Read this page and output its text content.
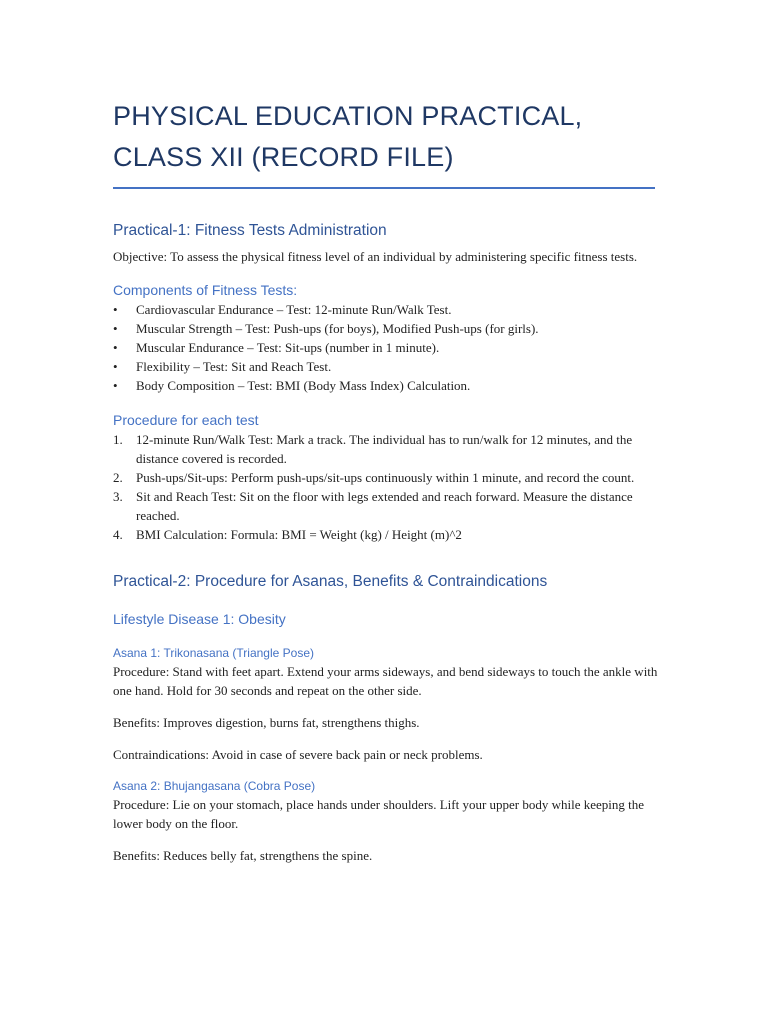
PHYSICAL EDUCATION PRACTICAL,
CLASS XII (RECORD FILE)
Practical-1: Fitness Tests Administration

Objective: To assess the physical fitness level of an individual by administering specific fitness tests.

Components of Fitness Tests:
• Cardiovascular Endurance – Test: 12-minute Run/Walk Test.
• Muscular Strength – Test: Push-ups (for boys), Modified Push-ups (for girls).
• Muscular Endurance – Test: Sit-ups (number in 1 minute).
• Flexibility – Test: Sit and Reach Test.
• Body Composition – Test: BMI (Body Mass Index) Calculation.
Procedure for each test
1. 12-minute Run/Walk Test: Mark a track. The individual has to run/walk for 12 minutes, and the distance covered is recorded.
2. Push-ups/Sit-ups: Perform push-ups/sit-ups continuously within 1 minute, and record the count.
3. Sit and Reach Test: Sit on the floor with legs extended and reach forward. Measure the distance reached.
4. BMI Calculation: Formula: BMI = Weight (kg) / Height (m)^2
Practical-2: Procedure for Asanas, Benefits & Contraindications
Lifestyle Disease 1: Obesity
Asana 1: Trikonasana (Triangle Pose)

Procedure: Stand with feet apart. Extend your arms sideways, and bend sideways to touch the ankle with one hand. Hold for 30 seconds and repeat on the other side.

Benefits: Improves digestion, burns fat, strengthens thighs.

Contraindications: Avoid in case of severe back pain or neck problems.

Asana 2: Bhujangasana (Cobra Pose)

Procedure: Lie on your stomach, place hands under shoulders. Lift your upper body while keeping the lower body on the floor.

Benefits: Reduces belly fat, strengthens the spine.
